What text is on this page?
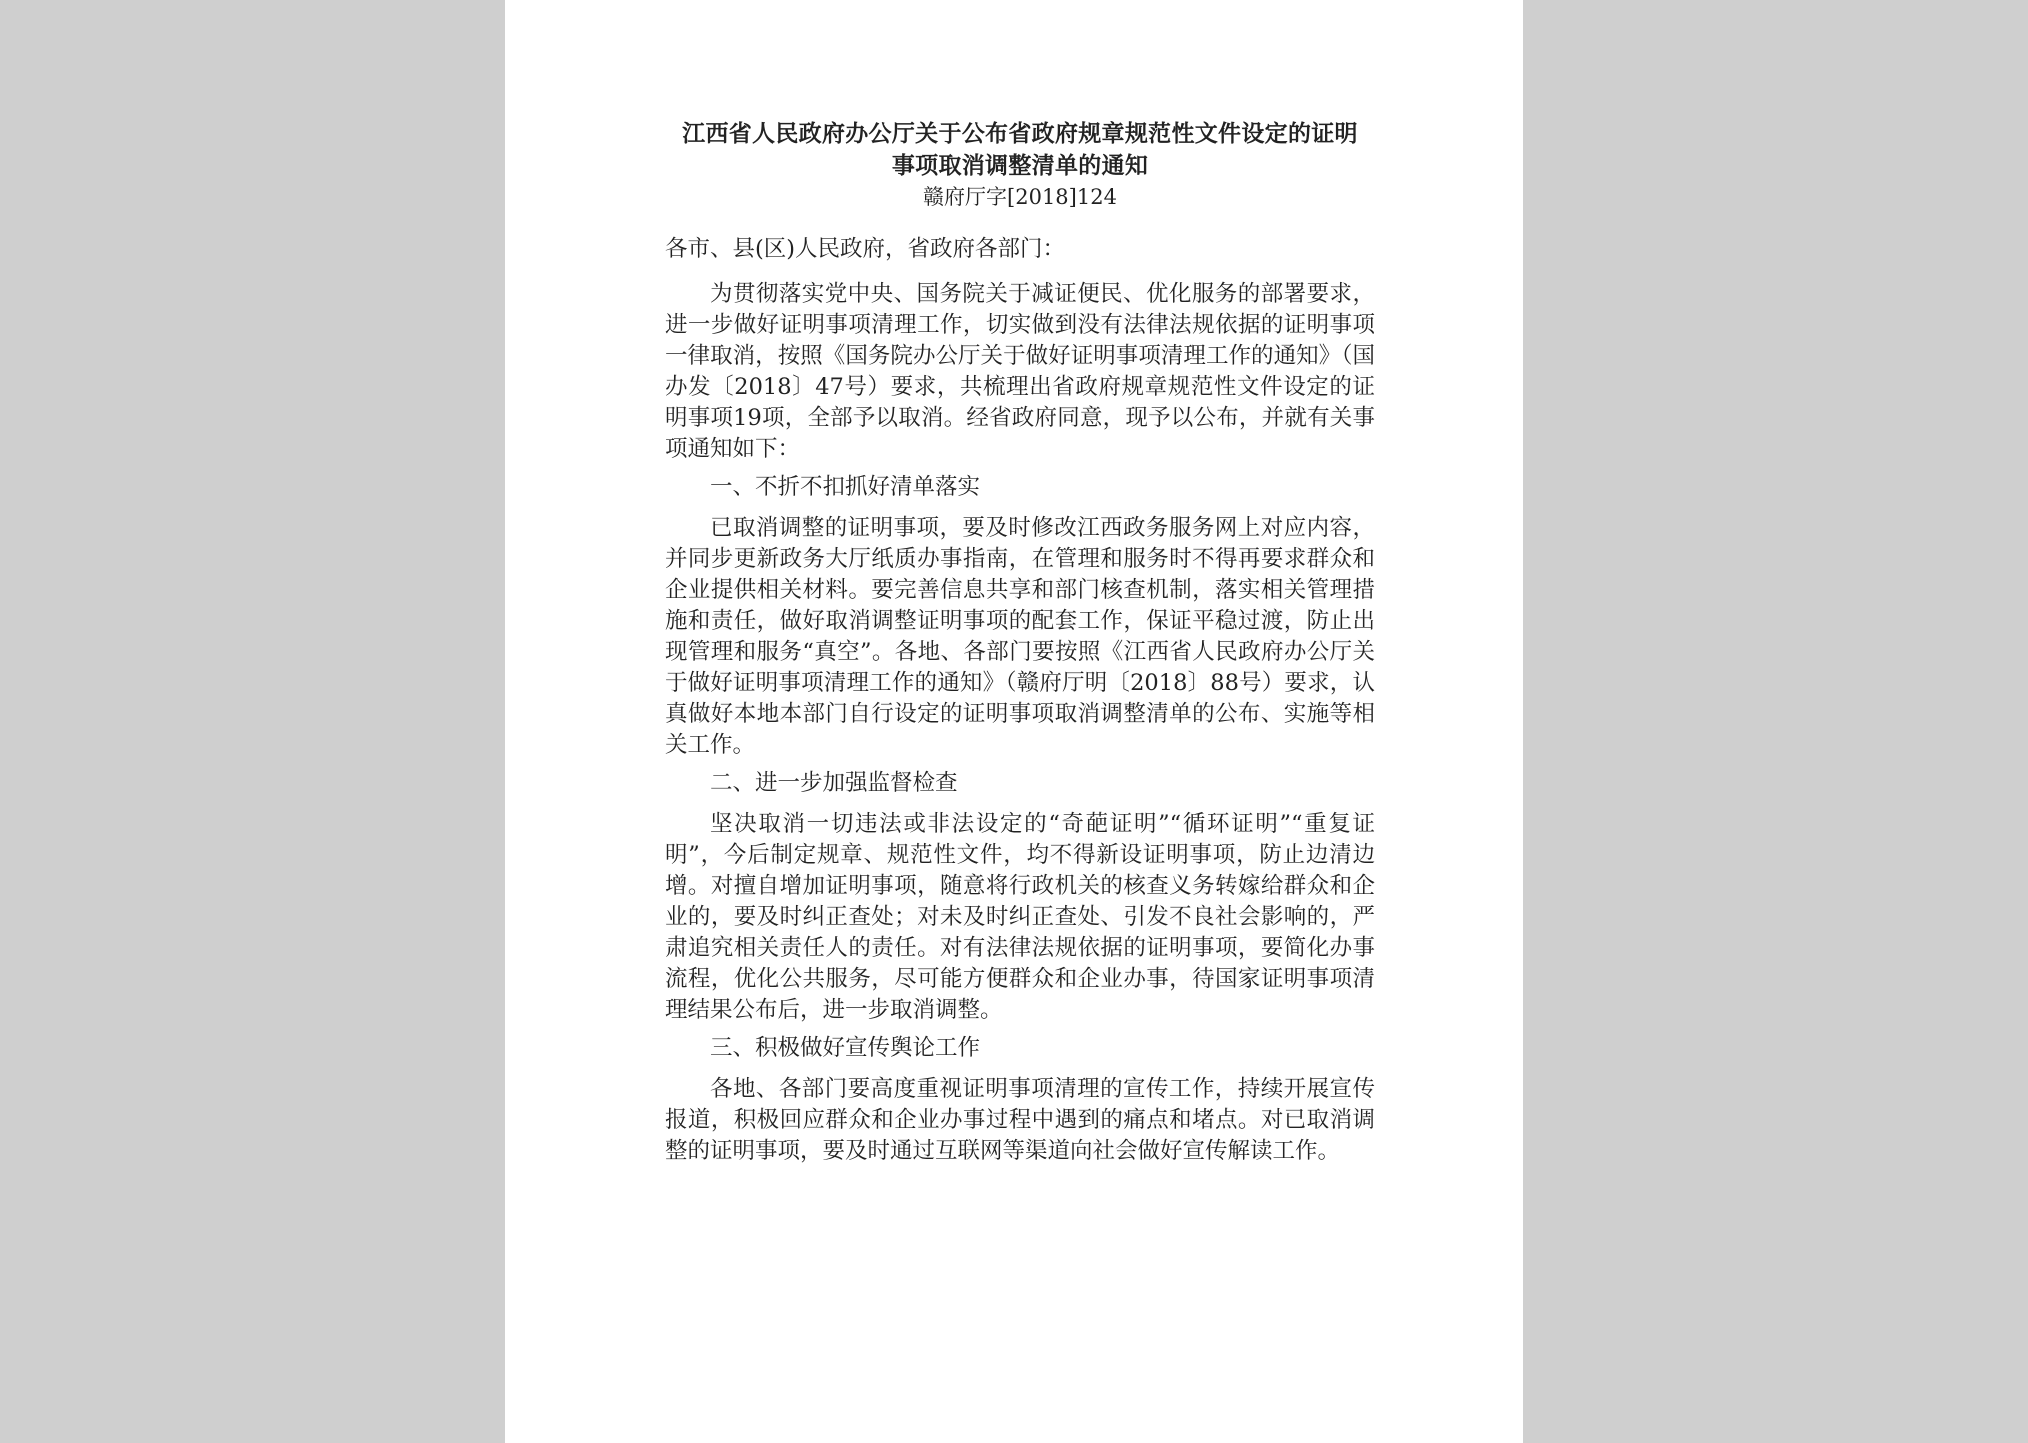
江西省人民政府办公厅关于公布省政府规章规范性文件设定的证明

事项取消调整清单的通知

赣府厅字[2018]124

各市、县(区)人民政府，省政府各部门：

为贯彻落实党中央、国务院关于减证便民、优化服务的部署要求，进一步做好证明事项清理工作，切实做到没有法律法规依据的证明事项一律取消，按照《国务院办公厅关于做好证明事项清理工作的通知》（国办发〔2018〕47号）要求，共梳理出省政府规章规范性文件设定的证明事项19项，全部予以取消。经省政府同意，现予以公布，并就有关事项通知如下：

一、不折不扣抓好清单落实

已取消调整的证明事项，要及时修改江西政务服务网上对应内容，并同步更新政务大厅纸质办事指南，在管理和服务时不得再要求群众和企业提供相关材料。要完善信息共享和部门核查机制，落实相关管理措施和责任，做好取消调整证明事项的配套工作，保证平稳过渡，防止出现管理和服务“真空”。各地、各部门要按照《江西省人民政府办公厅关于做好证明事项清理工作的通知》（赣府厅明〔2018〕88号）要求，认真做好本地本部门自行设定的证明事项取消调整清单的公布、实施等相关工作。

二、进一步加强监督检查

坚决取消一切违法或非法设定的“奇葩证明”“循环证明”“重复证明”，今后制定规章、规范性文件，均不得新设证明事项，防止边清边增。对擅自增加证明事项，随意将行政机关的核查义务转嫁给群众和企业的，要及时纠正查处；对未及时纠正查处、引发不良社会影响的，严肃追究相关责任人的责任。对有法律法规依据的证明事项，要简化办事流程，优化公共服务，尽可能方便群众和企业办事，待国家证明事项清理结果公布后，进一步取消调整。

三、积极做好宣传舆论工作

各地、各部门要高度重视证明事项清理的宣传工作，持续开展宣传报道，积极回应群众和企业办事过程中遇到的痛点和堵点。对已取消调整的证明事项，要及时通过互联网等渠道向社会做好宣传解读工作。
